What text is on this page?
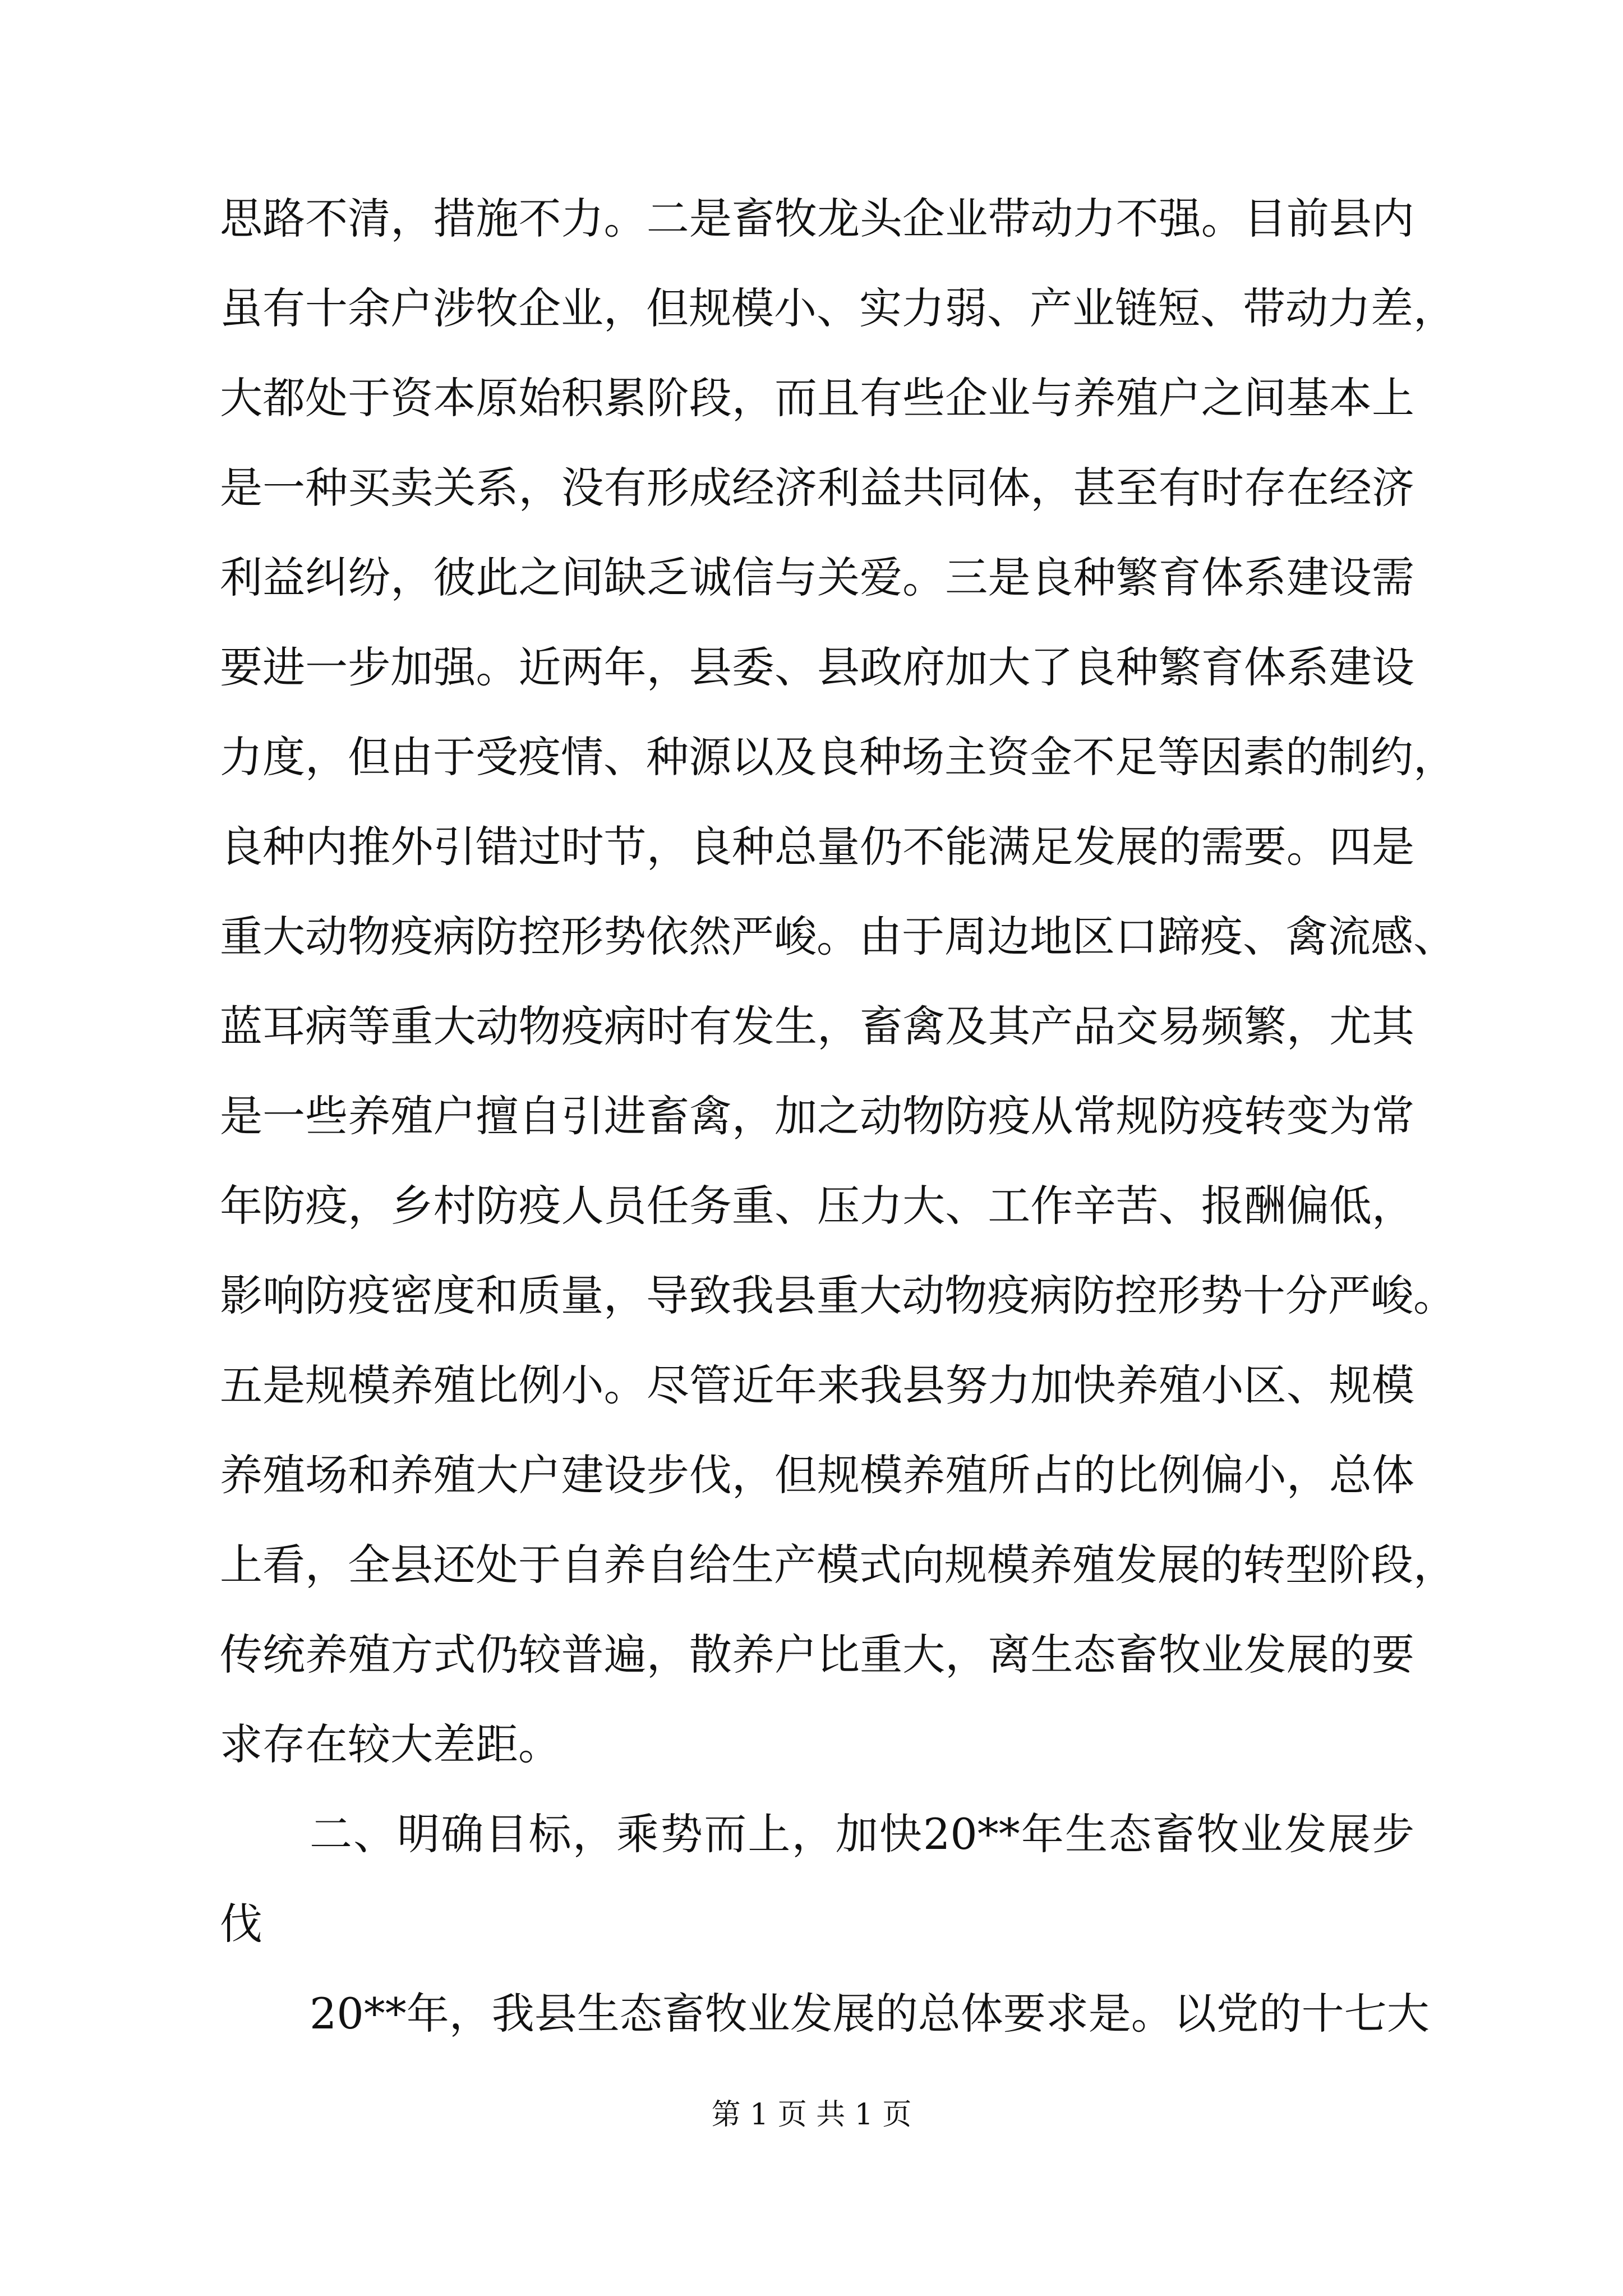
思路不清，措施不力。二是畜牧龙头企业带动力不强。目前县内
虽有十余户涉牧企业，但规模小、实力弱、产业链短、带动力差，
大都处于资本原始积累阶段，而且有些企业与养殖户之间基本上
是一种买卖关系，没有形成经济利益共同体，甚至有时存在经济
利益纠纷，彼此之间缺乏诚信与关爱。三是良种繁育体系建设需
要进一步加强。近两年，县委、县政府加大了良种繁育体系建设
力度，但由于受疫情、种源以及良种场主资金不足等因素的制约，
良种内推外引错过时节，良种总量仍不能满足发展的需要。四是
重大动物疫病防控形势依然严峻。由于周边地区口蹄疫、禽流感、
蓝耳病等重大动物疫病时有发生，畜禽及其产品交易频繁，尤其
是一些养殖户擅自引进畜禽，加之动物防疫从常规防疫转变为常
年防疫，乡村防疫人员任务重、压力大、工作辛苦、报酬偏低，
影响防疫密度和质量，导致我县重大动物疫病防控形势十分严峻。
五是规模养殖比例小。尽管近年来我县努力加快养殖小区、规模
养殖场和养殖大户建设步伐，但规模养殖所占的比例偏小，总体
上看，全县还处于自养自给生产模式向规模养殖发展的转型阶段，
传统养殖方式仍较普遍，散养户比重大，离生态畜牧业发展的要
求存在较大差距。
二、明确目标，乘势而上，加快20**年生态畜牧业发展步
伐
20**年，我县生态畜牧业发展的总体要求是。以党的十七大
第 1 页 共 1 页
